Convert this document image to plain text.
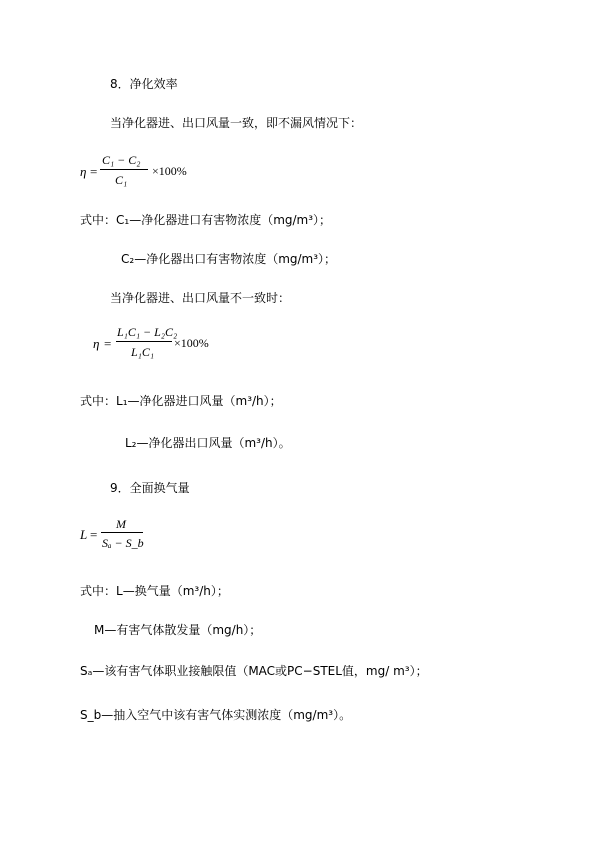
8．净化效率
当净化器进、出口风量一致，即不漏风情况下：
η =
C₁ − C₂
C₁
×100%
式中：C₁—净化器进口有害物浓度（mg/m³）；
C₂—净化器出口有害物浓度（mg/m³）；
当净化器进、出口风量不一致时：
η =
L₁C₁ − L₂C₂
L₁C₁
×100%
式中：L₁—净化器进口风量（m³/h）；
L₂—净化器出口风量（m³/h）。
9．全面换气量
L =
M
Sₐ − S_b
式中：L—换气量（m³/h）；
M—有害气体散发量（mg/h）；
Sₐ—该有害气体职业接触限值（MAC或PC−STEL值，mg/ m³）；
S_b—抽入空气中该有害气体实测浓度（mg/m³）。
